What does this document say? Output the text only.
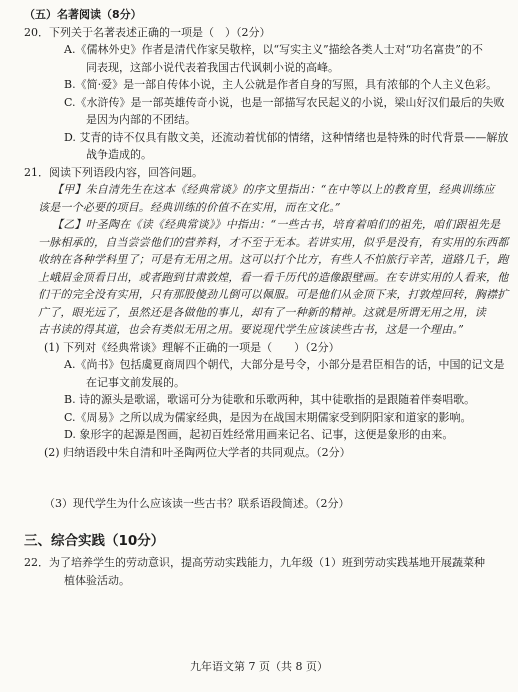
（五）名著阅读（8分）
20．下列关于名著表述正确的一项是（　）（2分）
A.《儒林外史》作者是清代作家吴敬梓，以“写实主义”描绘各类人士对“功名富贵”的不
同表现，这部小说代表着我国古代讽刺小说的高峰。
B.《简·爱》是一部自传体小说，主人公就是作者自身的写照，具有浓郁的个人主义色彩。
C.《水浒传》是一部英雄传奇小说，也是一部描写农民起义的小说，梁山好汉们最后的失败
是因为内部的不团结。
D. 艾青的诗不仅具有散文美，还流动着忧郁的情绪，这种情绪也是特殊的时代背景——解放
战争造成的。
21．阅读下列语段内容，回答问题。
【甲】朱自清先生在这本《经典常谈》的序文里指出：“在中等以上的教育里，经典训练应
该是一个必要的项目。经典训练的价值不在实用，而在文化。”
【乙】叶圣陶在《读《经典常谈》》中指出：“一些古书，培育着咱们的祖先，咱们跟祖先是
一脉相承的，自当尝尝他们的营养料，才不至于无本。若讲实用，似乎是没有，有实用的东西都
收纳在各种学科里了；可是有无用之用。这可以打个比方，有些人不怕旅行辛苦，道路几千，跑
上峨眉金顶看日出，或者跑到甘肃敦煌，看一看千历代的造像跟壁画。在专讲实用的人看来，他
们干的完全没有实用，只有那股傻劲儿倒可以佩服。可是他们从金顶下来，打敦煌回转，胸襟扩
广了，眼光远了，虽然还是各做他的事儿，却有了一种新的精神。这就是所谓无用之用，读
古书读的得其道，也会有类似无用之用。要说现代学生应该读些古书，这是一个理由。”
(1) 下列对《经典常谈》理解不正确的一项是（　　）（2分）
A.《尚书》包括虞夏商周四个朝代，大部分是号令，小部分是君臣相告的话，中国的记文是
在记事文前发展的。
B. 诗的源头是歌谣，歌谣可分为徒歌和乐歌两种，其中徒歌指的是跟随着伴奏唱歌。
C.《周易》之所以成为儒家经典，是因为在战国末期儒家受到阴阳家和道家的影响。
D. 象形字的起源是图画，起初百姓经常用画来记名、记事，这便是象形的由来。
(2) 归纳语段中朱自清和叶圣陶两位大学者的共同观点。（2分）
（3）现代学生为什么应该读一些古书？联系语段简述。（2分）
三、综合实践（10分）
22．为了培养学生的劳动意识，提高劳动实践能力，九年级（1）班到劳动实践基地开展蔬菜种
植体验活动。
九年语文第 7 页（共 8 页）
